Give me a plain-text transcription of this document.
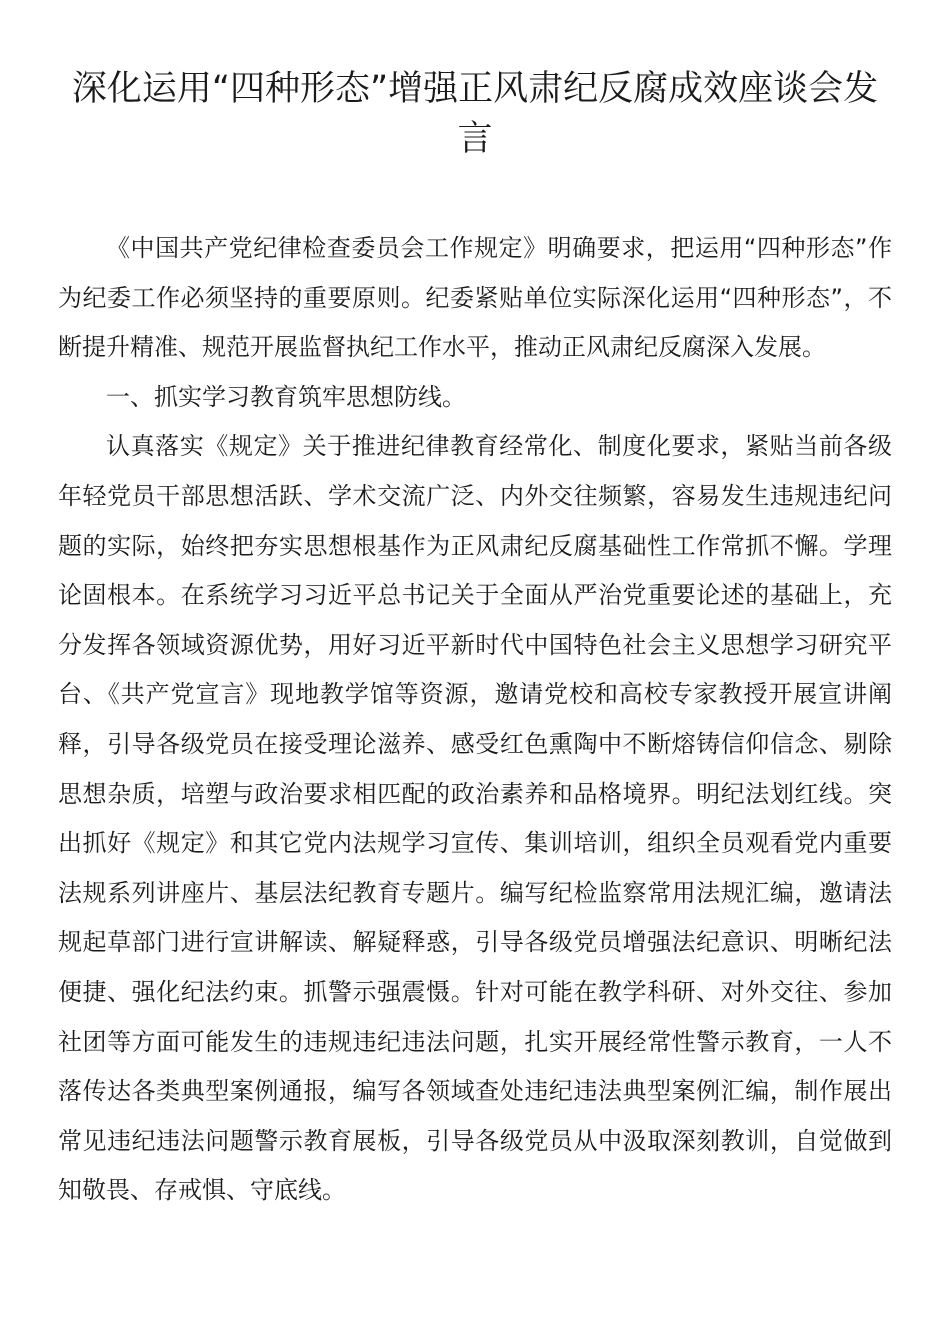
深化运用“四种形态”增强正风肃纪反腐成效座谈会发言

《中国共产党纪律检查委员会工作规定》明确要求，把运用“四种形态”作为纪委工作必须坚持的重要原则。纪委紧贴单位实际深化运用“四种形态”，不断提升精准、规范开展监督执纪工作水平，推动正风肃纪反腐深入发展。

一、抓实学习教育筑牢思想防线。

认真落实《规定》关于推进纪律教育经常化、制度化要求，紧贴当前各级年轻党员干部思想活跃、学术交流广泛、内外交往频繁，容易发生违规违纪问题的实际，始终把夯实思想根基作为正风肃纪反腐基础性工作常抓不懈。学理论固根本。在系统学习习近平总书记关于全面从严治党重要论述的基础上，充分发挥各领域资源优势，用好习近平新时代中国特色社会主义思想学习研究平台、《共产党宣言》现地教学馆等资源，邀请党校和高校专家教授开展宣讲阐释，引导各级党员在接受理论滋养、感受红色熏陶中不断熔铸信仰信念、剔除思想杂质，培塑与政治要求相匹配的政治素养和品格境界。明纪法划红线。突出抓好《规定》和其它党内法规学习宣传、集训培训，组织全员观看党内重要法规系列讲座片、基层法纪教育专题片。编写纪检监察常用法规汇编，邀请法规起草部门进行宣讲解读、解疑释惑，引导各级党员增强法纪意识、明晰纪法便捷、强化纪法约束。抓警示强震慑。针对可能在教学科研、对外交往、参加社团等方面可能发生的违规违纪违法问题，扎实开展经常性警示教育，一人不落传达各类典型案例通报，编写各领域查处违纪违法典型案例汇编，制作展出常见违纪违法问题警示教育展板，引导各级党员从中汲取深刻教训，自觉做到知敬畏、存戒惧、守底线。
